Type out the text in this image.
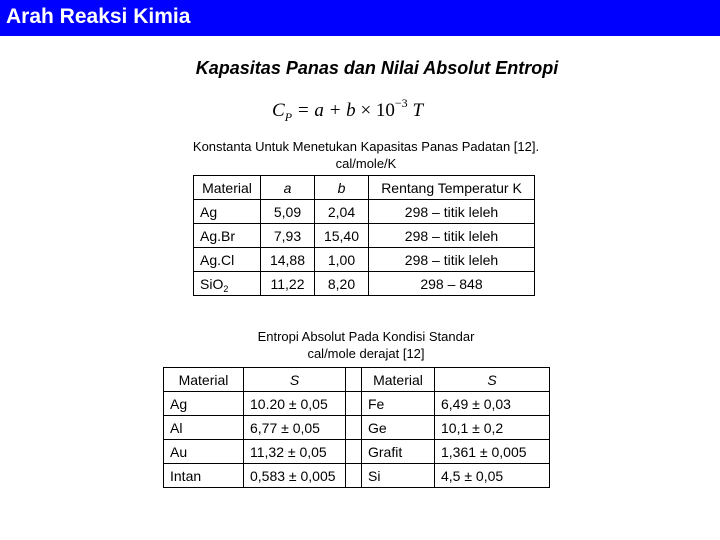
Arah Reaksi Kimia
Kapasitas Panas dan Nilai Absolut Entropi
$C_P = a + b \times 10^{-3}$ T
Konstanta Untuk Menetukan Kapasitas Panas Padatan [12].
cal/mole/K
Material	a	b	Rentang Temperatur K
Ag	5,09	2,04	298 – titik leleh
Ag.Br	7,93	15,40	298 – titik leleh
Ag.Cl	14,88	1,00	298 – titik leleh
SiO$_2$	11,22	8,20	298 – 848
Entropi Absolut Pada Kondisi Standar
cal/mole derajat [12]
Material	S		Material	S
Ag	10.20 ± 0,05		Fe	6,49 ± 0,03
Al	6,77 ± 0,05		Ge	10,1 ± 0,2
Au	11,32 ± 0,05		Grafit	1,361 ± 0,005
Intan	0,583 ± 0,005		Si	4,5 ± 0,05
